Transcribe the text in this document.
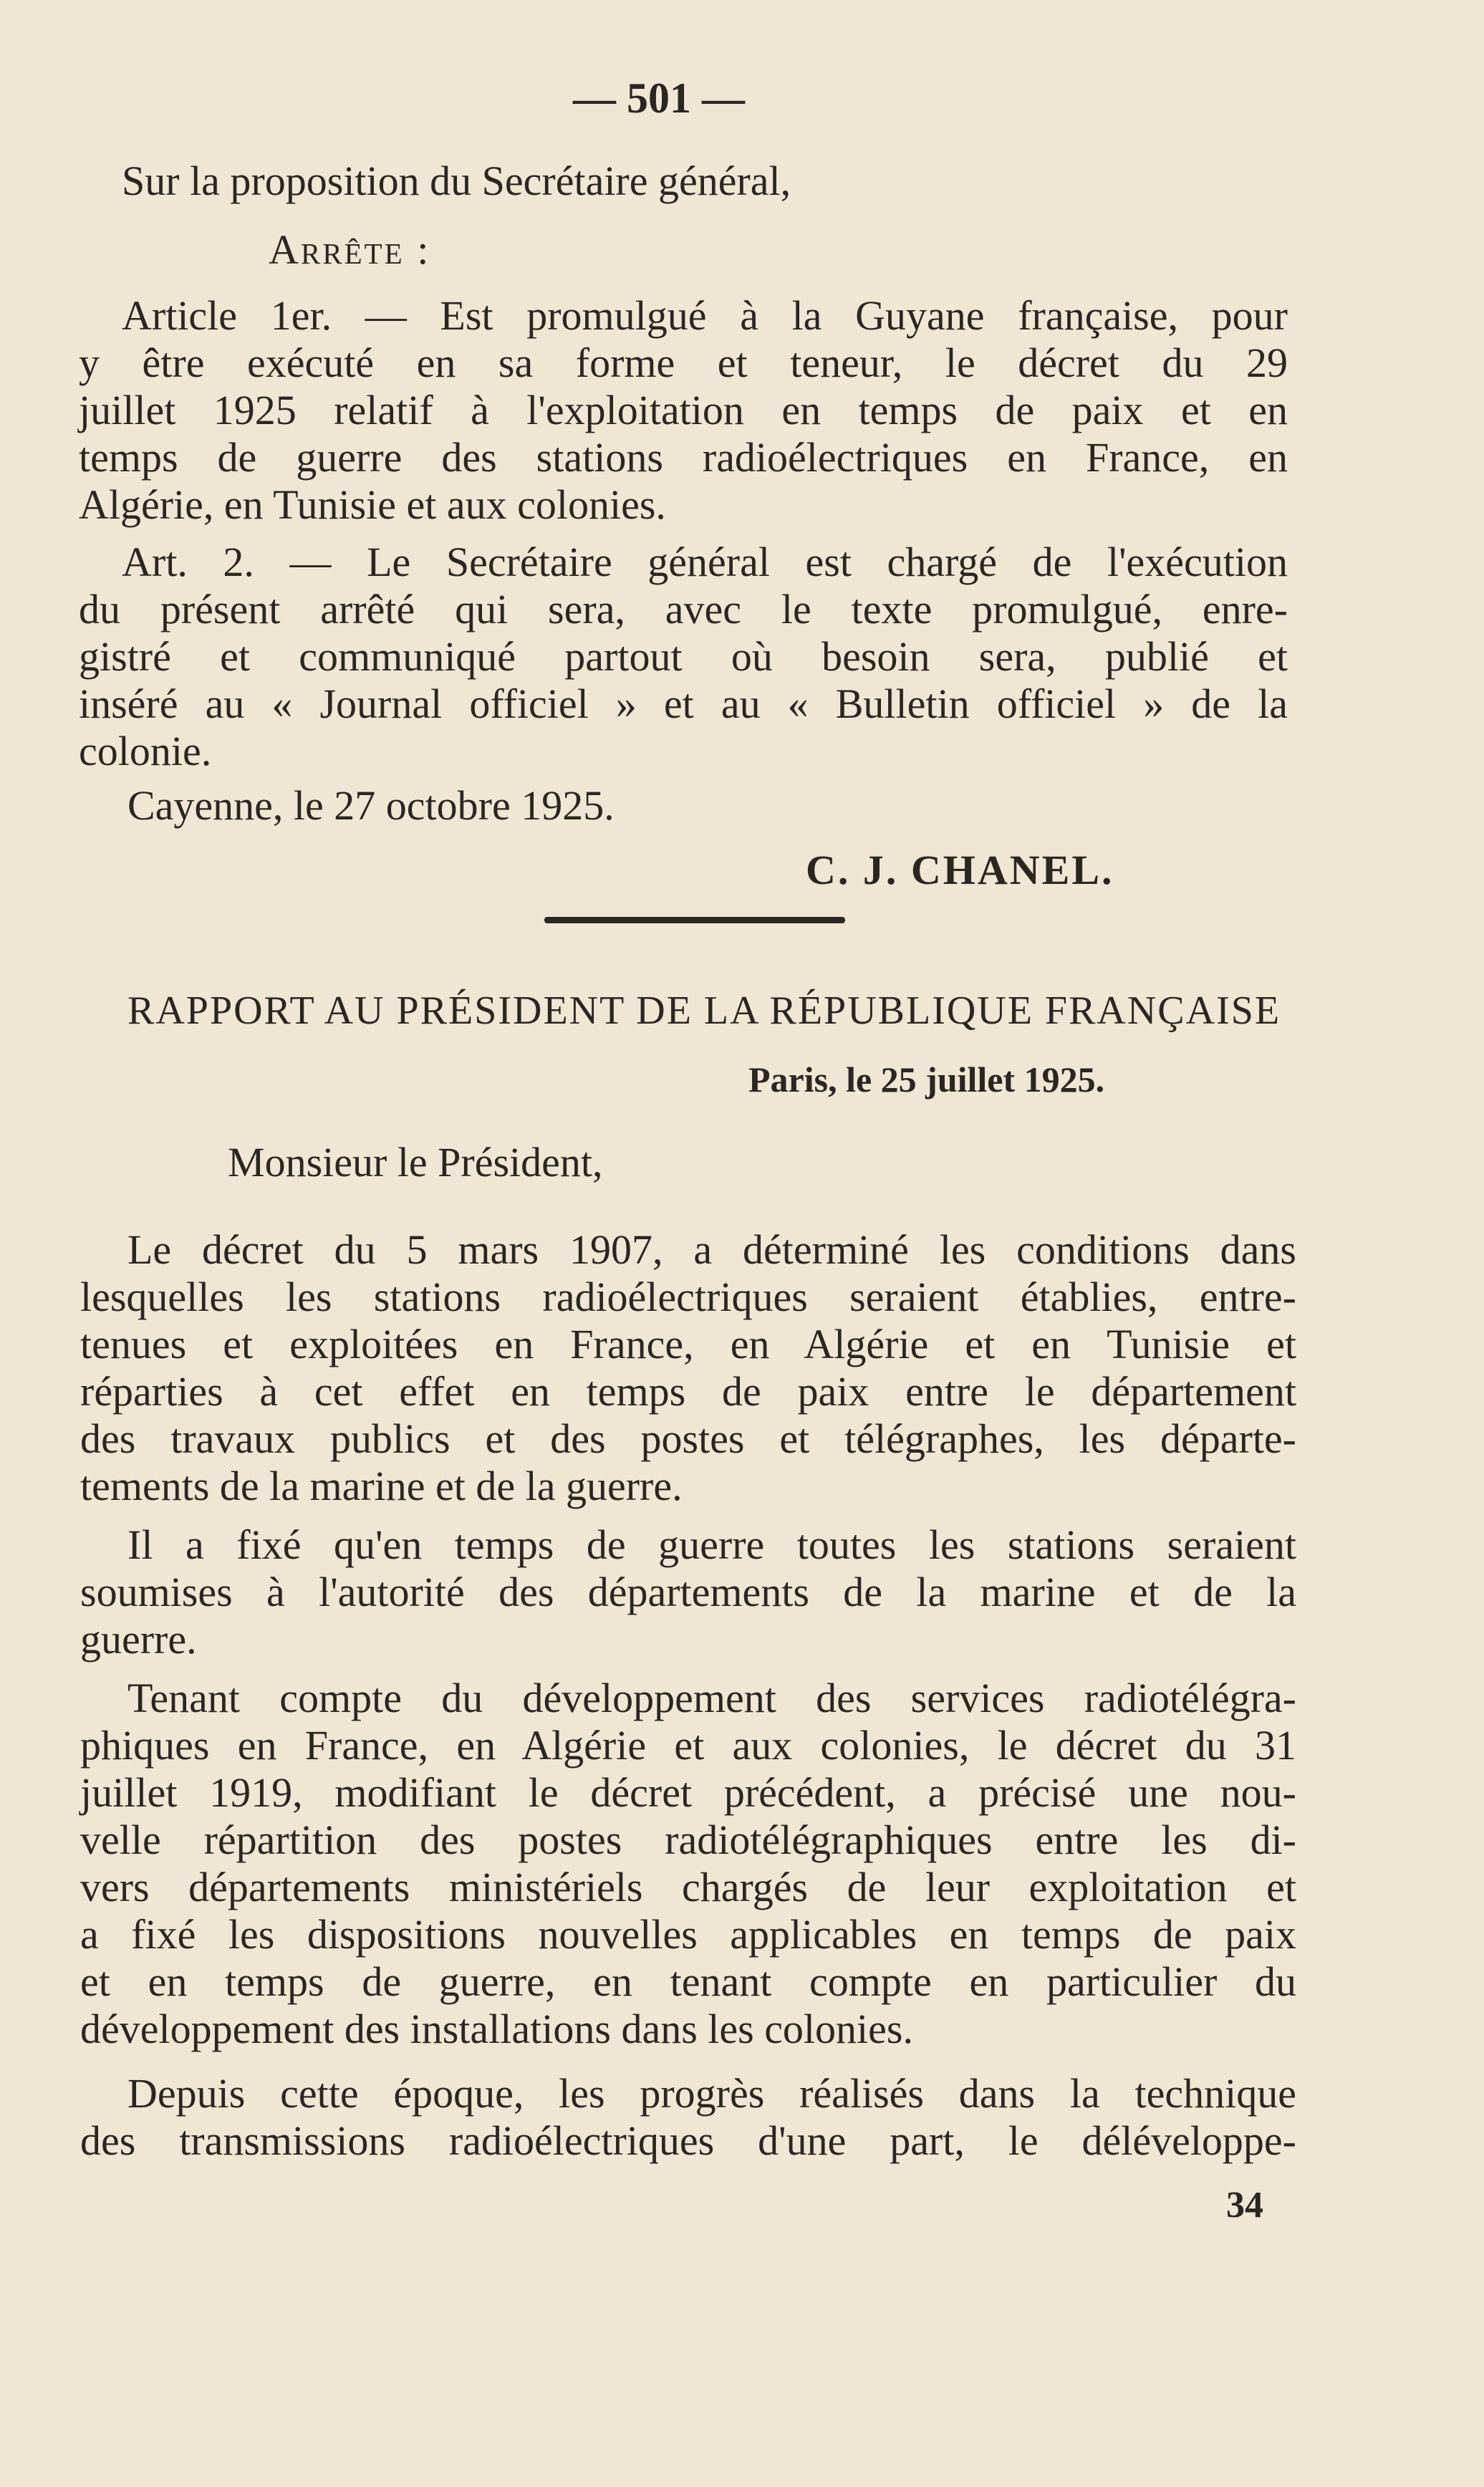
— 501 —

Sur la proposition du Secrétaire général,

Arrête :

Article 1er. — Est promulgué à la Guyane française, pour

y être exécuté en sa forme et teneur, le décret du 29

juillet 1925 relatif à l'exploitation en temps de paix et en

temps de guerre des stations radioélectriques en France, en

Algérie, en Tunisie et aux colonies.

Art. 2. — Le Secrétaire général est chargé de l'exécution

du présent arrêté qui sera, avec le texte promulgué, enre-

gistré et communiqué partout où besoin sera, publié et

inséré au « Journal officiel » et au « Bulletin officiel » de la

colonie.

Cayenne, le 27 octobre 1925.

C. J. CHANEL.

RAPPORT AU PRÉSIDENT DE LA RÉPUBLIQUE FRANÇAISE

Paris, le 25 juillet 1925.

Monsieur le Président,

Le décret du 5 mars 1907, a déterminé les conditions dans

lesquelles les stations radioélectriques seraient établies, entre-

tenues et exploitées en France, en Algérie et en Tunisie et

réparties à cet effet en temps de paix entre le département

des travaux publics et des postes et télégraphes, les départe-

tements de la marine et de la guerre.

Il a fixé qu'en temps de guerre toutes les stations seraient

soumises à l'autorité des départements de la marine et de la

guerre.

Tenant compte du développement des services radiotélégra-

phiques en France, en Algérie et aux colonies, le décret du 31

juillet 1919, modifiant le décret précédent, a précisé une nou-

velle répartition des postes radiotélégraphiques entre les di-

vers départements ministériels chargés de leur exploitation et

a fixé les dispositions nouvelles applicables en temps de paix

et en temps de guerre, en tenant compte en particulier du

développement des installations dans les colonies.

Depuis cette époque, les progrès réalisés dans la technique

des transmissions radioélectriques d'une part, le déléveloppe-

34
